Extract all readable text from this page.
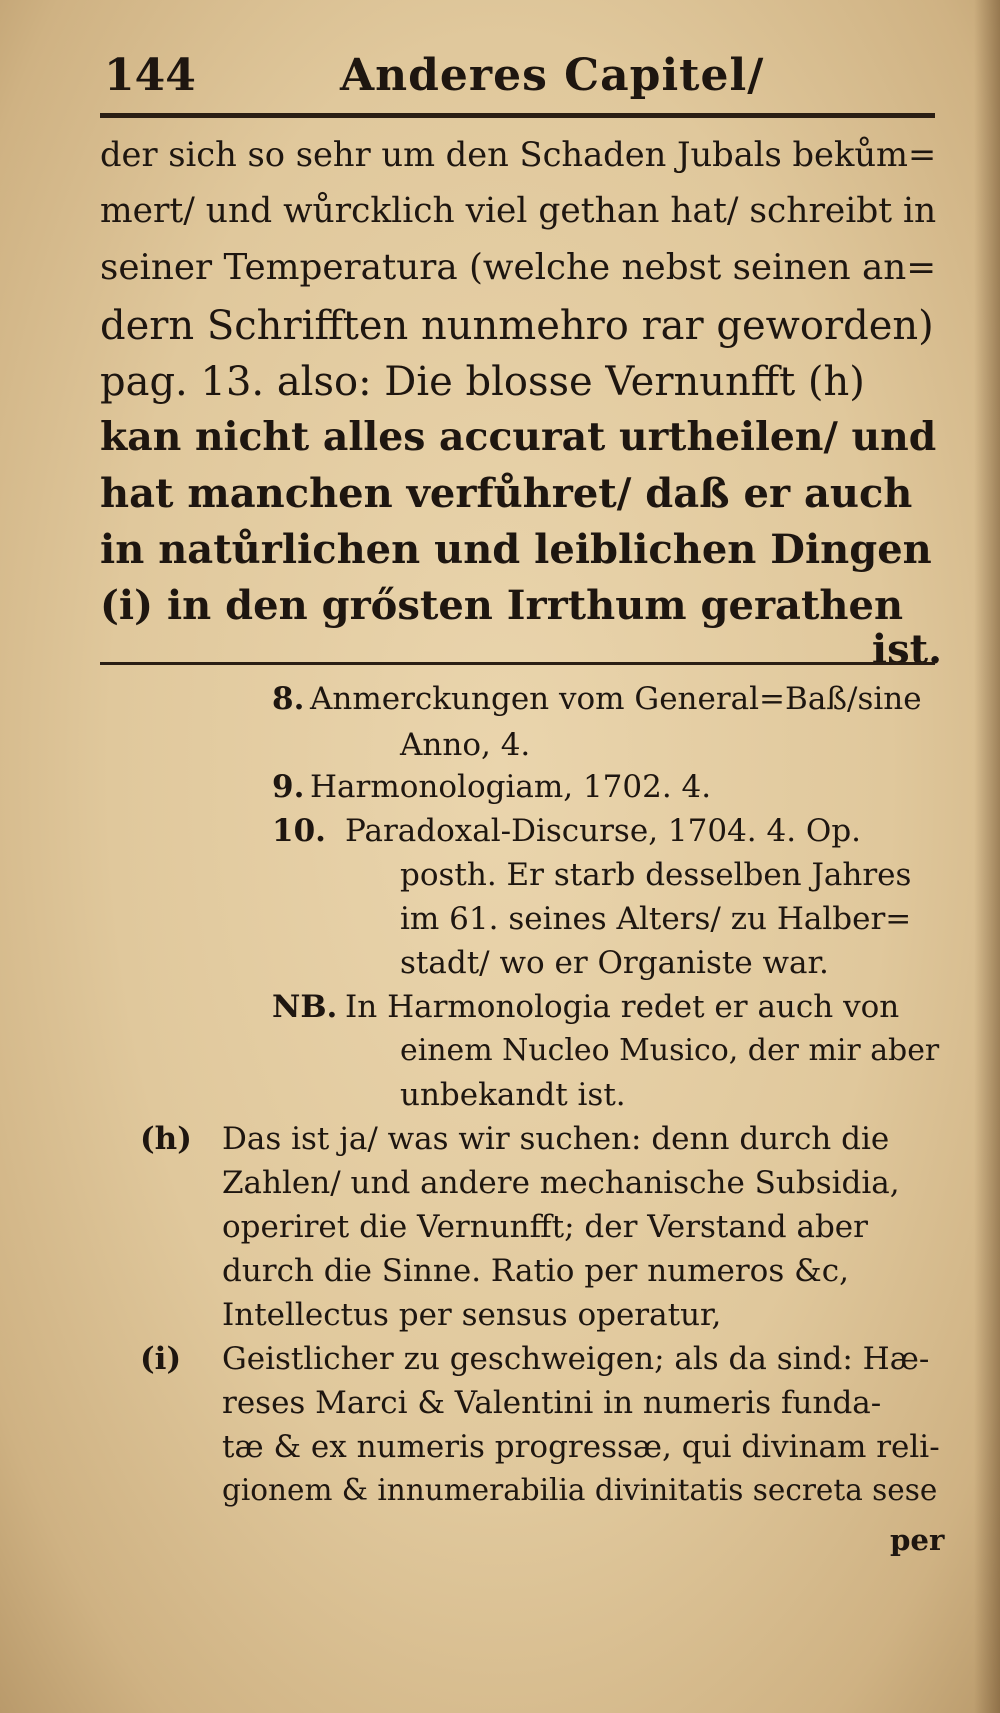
144	Anderes Capitel/
der sich so sehr um den Schaden Jubals bekům=
mert/ und wůrcklich viel gethan hat/ schreibt in
seiner Temperatura (welche nebst seinen an=
dern Schrifften nunmehro rar geworden)
pag. 13. also: Die blosse Vernunfft (h)
kan nicht alles accurat urtheilen/ und
hat manchen verfůhret/ daß er auch
in natůrlichen und leiblichen Dingen
(i) in den grősten Irrthum gerathen
ist.
8. Anmerckungen vom General=Baß/sine
Anno, 4.
9. Harmonologiam, 1702. 4.
10. Paradoxal-Discurse, 1704. 4. Op.
posth. Er starb desselben Jahres
im 61. seines Alters/ zu Halber=
stadt/ wo er Organiste war.
NB. In Harmonologia redet er auch von
einem Nucleo Musico, der mir aber
unbekandt ist.
(h) Das ist ja/ was wir suchen: denn durch die
Zahlen/ und andere mechanische Subsidia,
operiret die Vernunfft; der Verstand aber
durch die Sinne. Ratio per numeros &c,
Intellectus per sensus operatur,
(i) Geistlicher zu geschweigen; als da sind: Hæ-
reses Marci & Valentini in numeris funda-
tæ & ex numeris progressæ, qui divinam reli-
gionem & innumerabilia divinitatis secreta sese
per
